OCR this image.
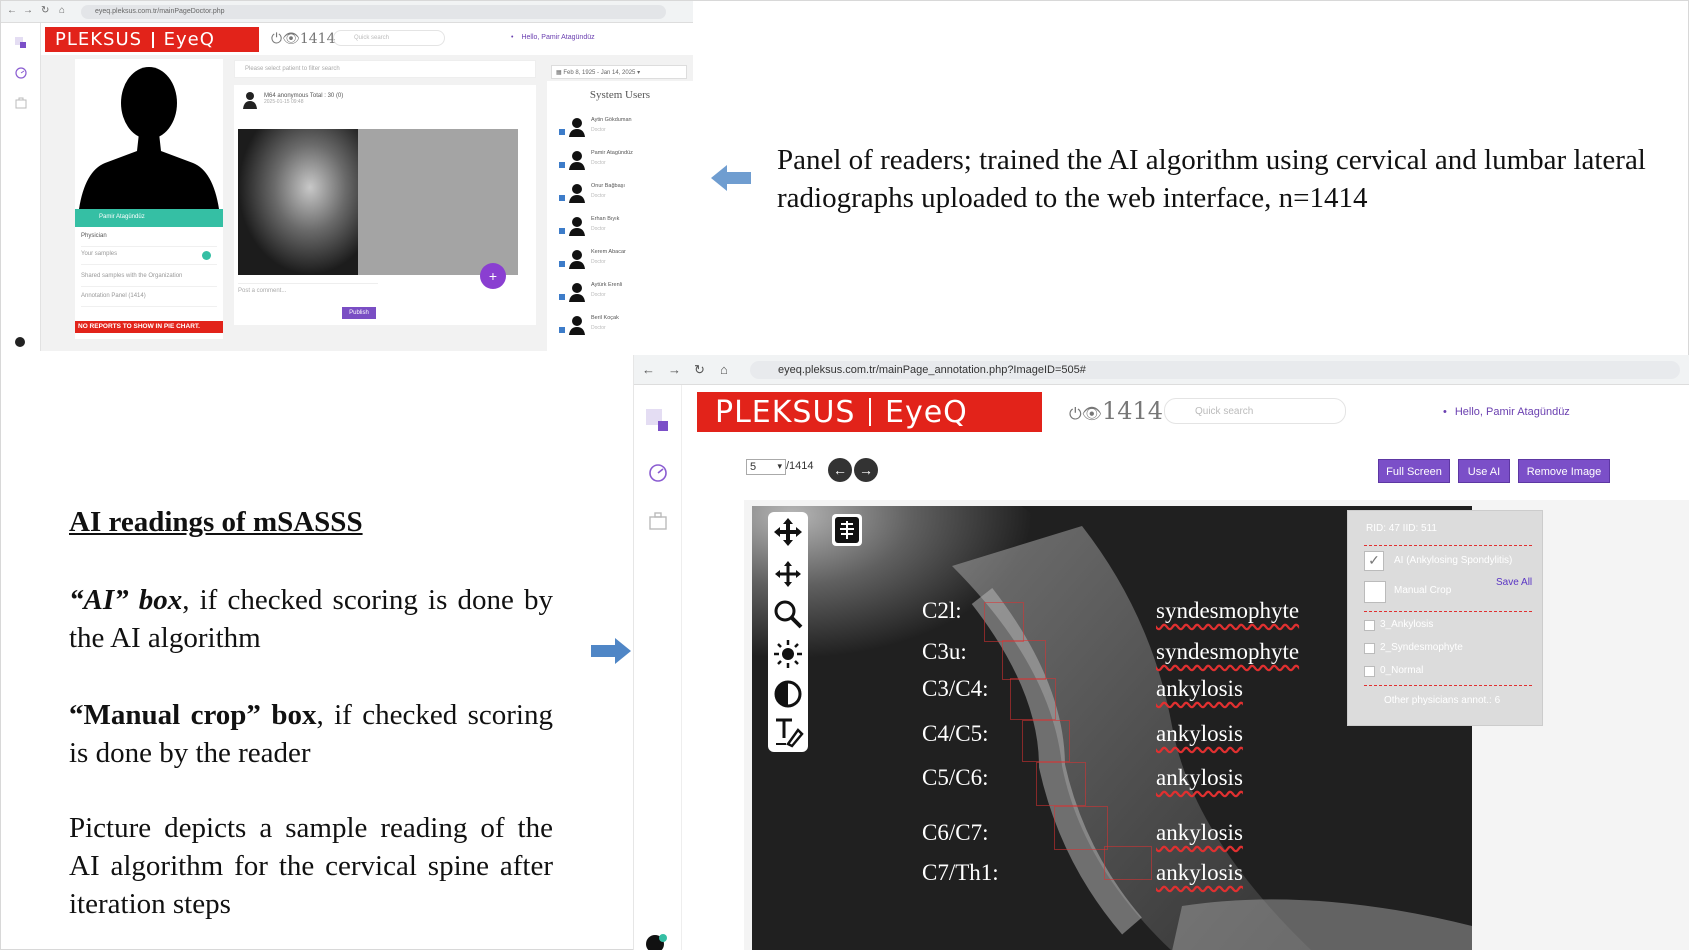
← → ↻ ⌂	eyeq.pleksus.com.tr/mainPageDoctor.php
PLEKSUS EyeQ	⏻👁1414	Quick search	• Hello, Pamir Atagündüz
Pamir Atagündüz
Physician
Your samples
Shared samples with the Organization
Annotation Panel (1414)
NO REPORTS TO SHOW IN PIE CHART.
Please select patient to filter search
M64 anonymous Total : 30 (0)
2025-01-15 09:48
+
Post a comment...
Publish
▦ Feb 8, 1925 - Jan 14, 2025 ▾
System Users
Aytin Gökduman
Doctor
Pamir Atagündüz
Doctor
Onur Bağbaşı
Doctor
Erhan Bıyık
Doctor
Kerem Abacar
Doctor
Aytürk Erenli
Doctor
Beril Koçak
Doctor
Panel of readers; trained the AI algorithm using cervical and lumbar lateral radiographs uploaded to the web interface, n=1414
AI readings of mSASSS
“AI” box, if checked scoring is done by the AI algorithm
“Manual crop” box, if checked scoring is done by the reader
Picture depicts a sample reading of the AI algorithm for the cervical spine after iteration steps
← → ↻ ⌂	eyeq.pleksus.com.tr/mainPage_annotation.php?ImageID=505#
PLEKSUS EyeQ	⏻👁1414	Quick search	• Hello, Pamir Atagündüz
5 ▾	/1414	← →	Full Screen	Use AI	Remove Image
C2l:	syndesmophyte
C3u:	syndesmophyte
C3/C4:	ankylosis
C4/C5:	ankylosis
C5/C6:	ankylosis
C6/C7:	ankylosis
C7/Th1:	ankylosis
RID: 47 IID: 511
✓	AI (Ankylosing Spondylitis)
Manual Crop
Save All
3_Ankylosis
2_Syndesmophyte
0_Normal
Other physicians annot.: 6
